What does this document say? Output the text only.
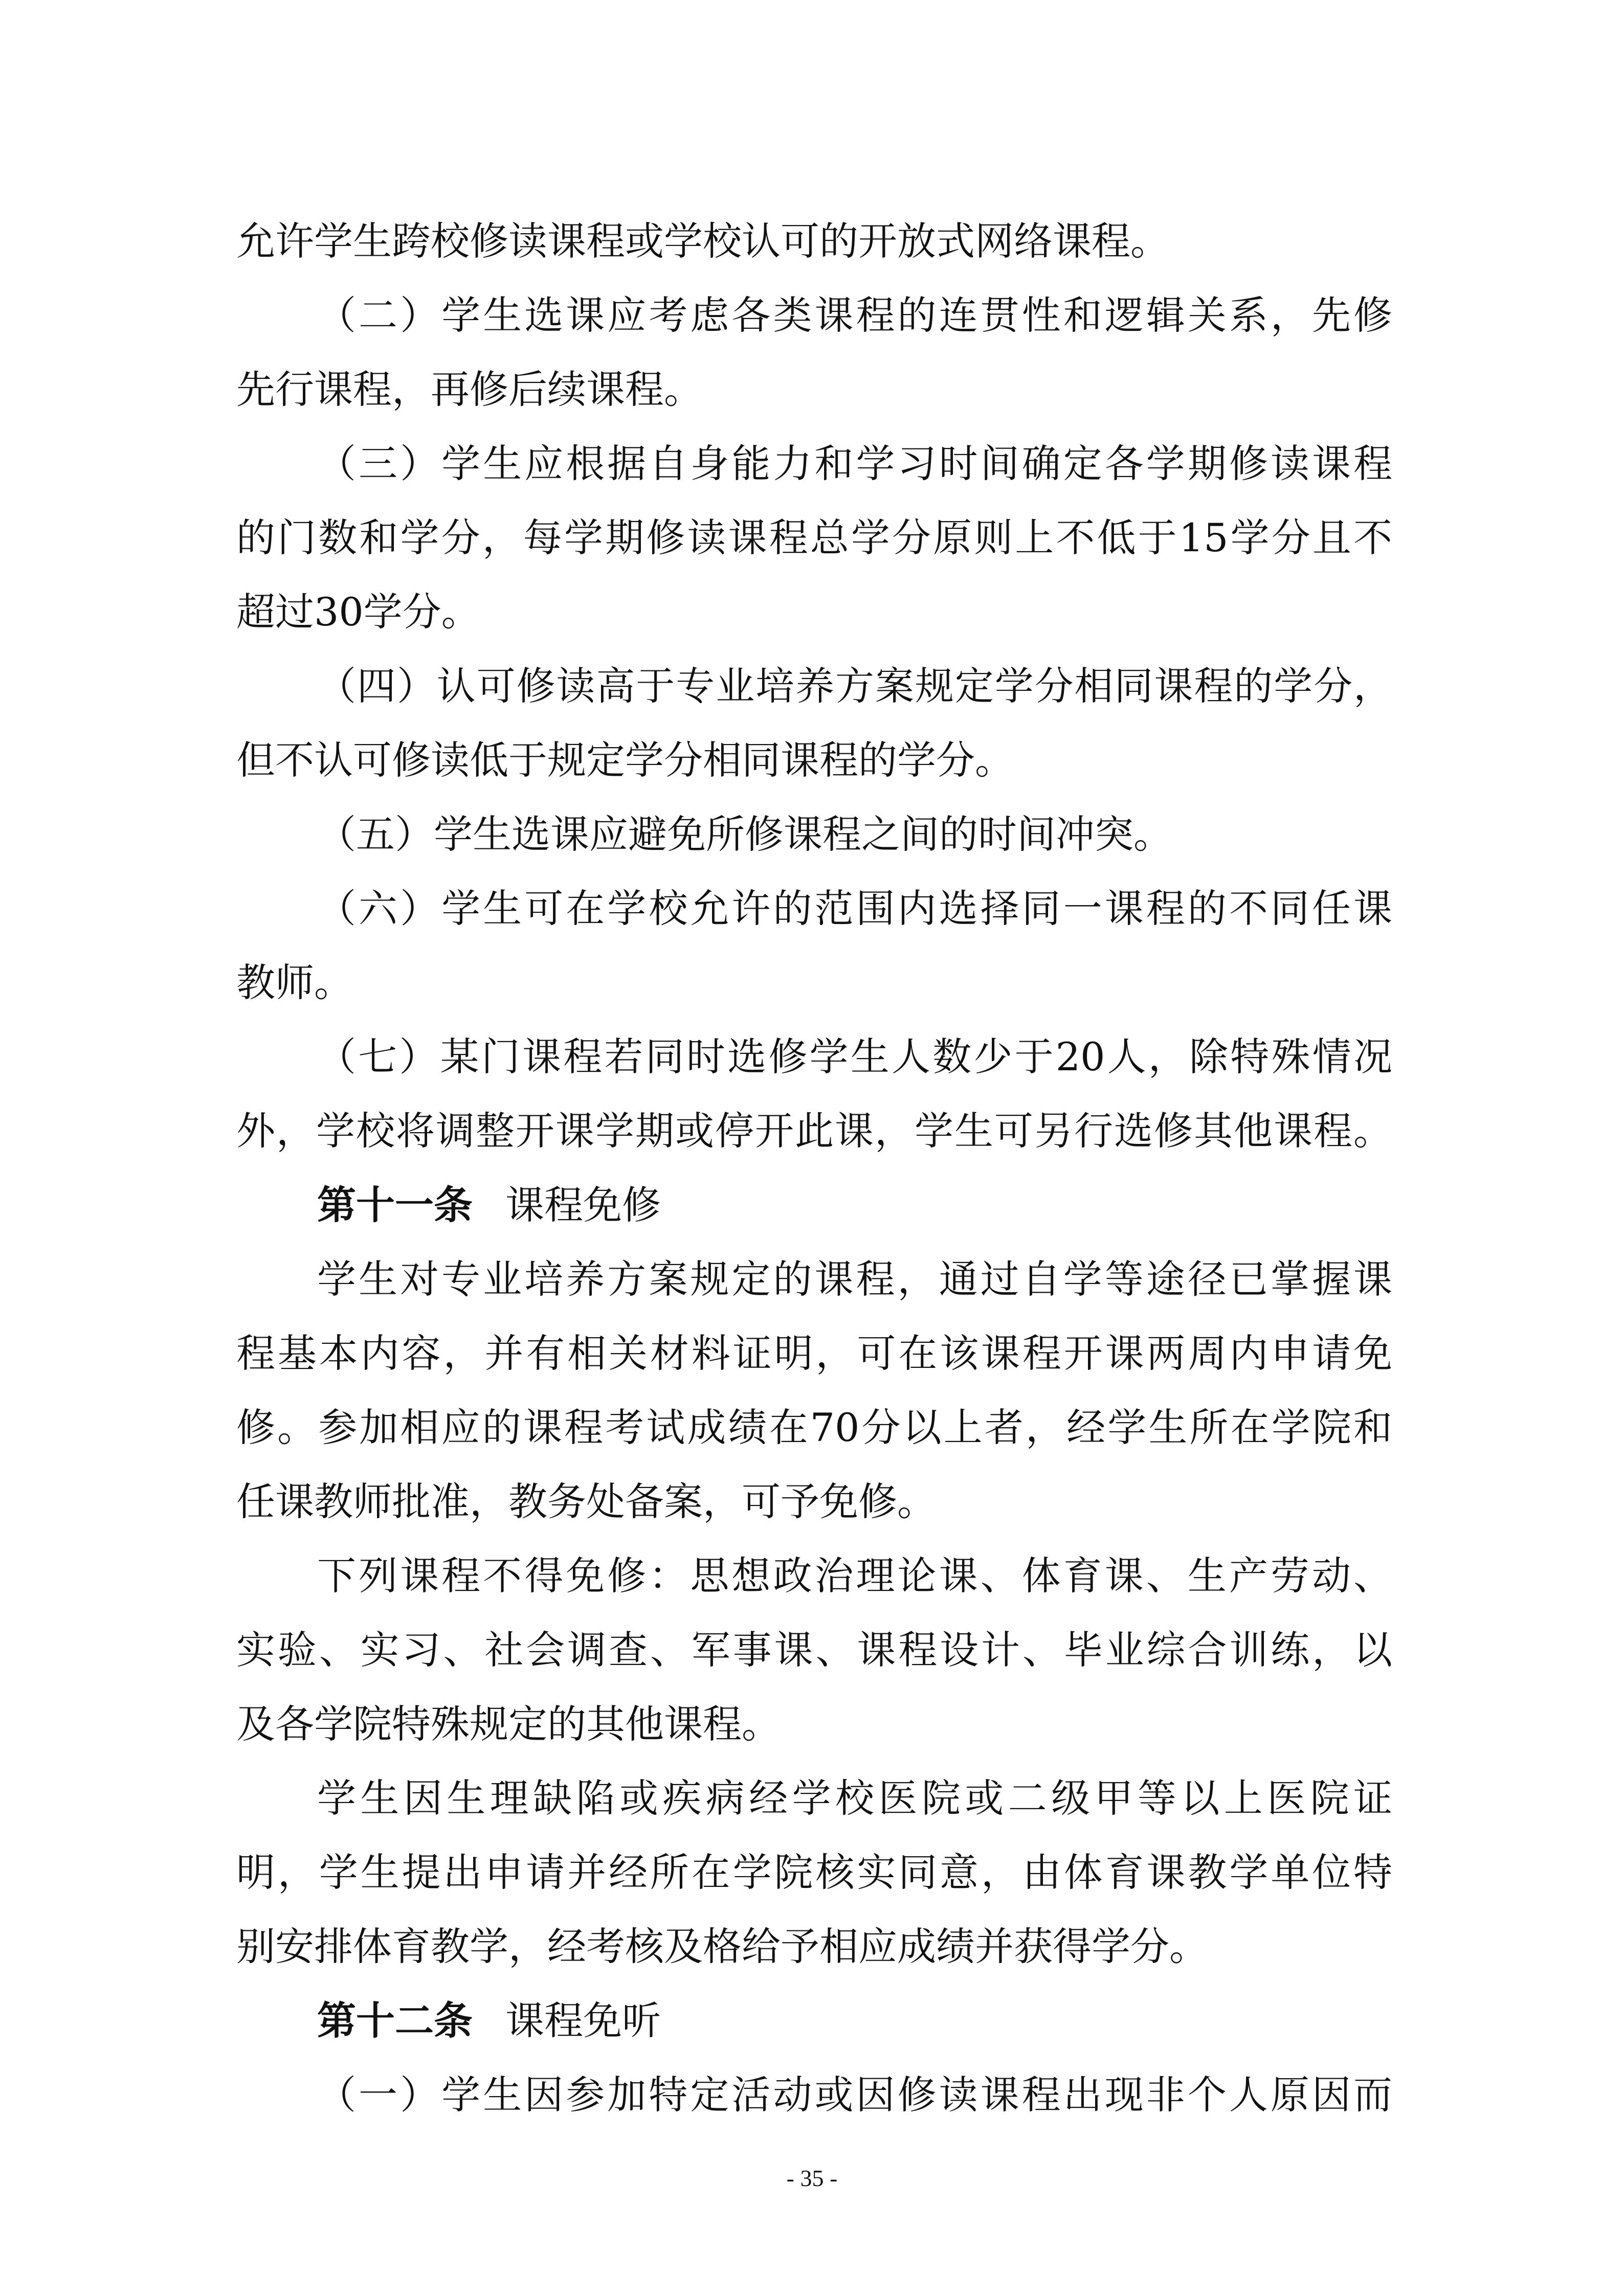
允许学生跨校修读课程或学校认可的开放式网络课程。
（二）学生选课应考虑各类课程的连贯性和逻辑关系，先修
先行课程，再修后续课程。
（三）学生应根据自身能力和学习时间确定各学期修读课程
的门数和学分，每学期修读课程总学分原则上不低于15学分且不
超过30学分。
（四）认可修读高于专业培养方案规定学分相同课程的学分，
但不认可修读低于规定学分相同课程的学分。
（五）学生选课应避免所修课程之间的时间冲突。
（六）学生可在学校允许的范围内选择同一课程的不同任课
教师。
（七）某门课程若同时选修学生人数少于20人，除特殊情况
外，学校将调整开课学期或停开此课，学生可另行选修其他课程。
第十一条 课程免修
学生对专业培养方案规定的课程，通过自学等途径已掌握课
程基本内容，并有相关材料证明，可在该课程开课两周内申请免
修。参加相应的课程考试成绩在70分以上者，经学生所在学院和
任课教师批准，教务处备案，可予免修。
下列课程不得免修：思想政治理论课、体育课、生产劳动、
实验、实习、社会调查、军事课、课程设计、毕业综合训练，以
及各学院特殊规定的其他课程。
学生因生理缺陷或疾病经学校医院或二级甲等以上医院证
明，学生提出申请并经所在学院核实同意，由体育课教学单位特
别安排体育教学，经考核及格给予相应成绩并获得学分。
第十二条 课程免听
（一）学生因参加特定活动或因修读课程出现非个人原因而
- 35 -
